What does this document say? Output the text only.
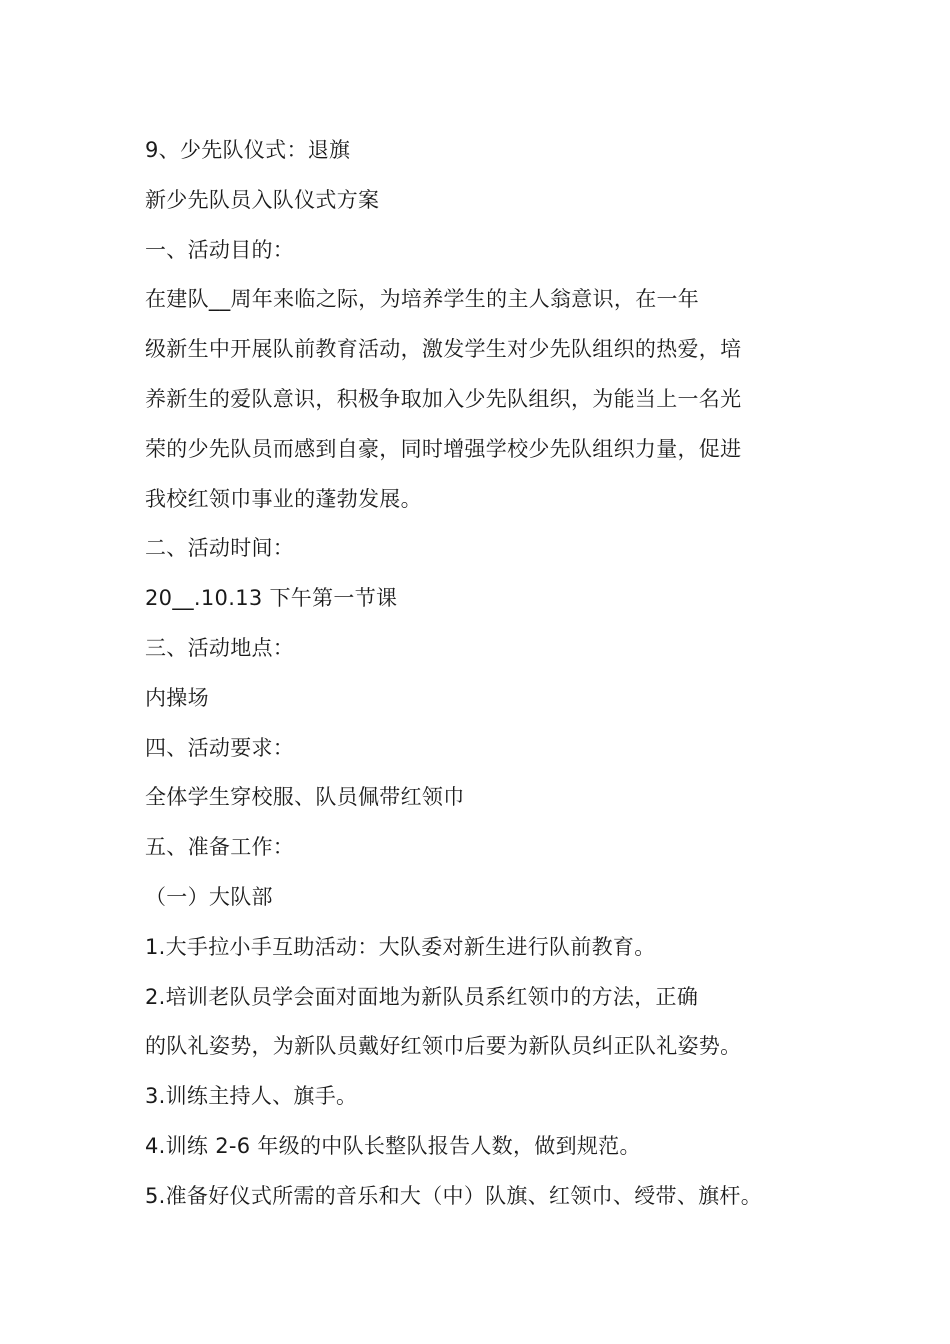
9、少先队仪式：退旗
新少先队员入队仪式方案
一、活动目的：
在建队__周年来临之际，为培养学生的主人翁意识，在一年
级新生中开展队前教育活动，激发学生对少先队组织的热爱，培
养新生的爱队意识，积极争取加入少先队组织，为能当上一名光
荣的少先队员而感到自豪，同时增强学校少先队组织力量，促进
我校红领巾事业的蓬勃发展。
二、活动时间：
20__.10.13 下午第一节课
三、活动地点：
内操场
四、活动要求：
全体学生穿校服、队员佩带红领巾
五、准备工作：
（一）大队部
1.大手拉小手互助活动：大队委对新生进行队前教育。
2.培训老队员学会面对面地为新队员系红领巾的方法，正确
的队礼姿势，为新队员戴好红领巾后要为新队员纠正队礼姿势。
3.训练主持人、旗手。
4.训练 2-6 年级的中队长整队报告人数，做到规范。
5.准备好仪式所需的音乐和大（中）队旗、红领巾、绶带、旗杆。
